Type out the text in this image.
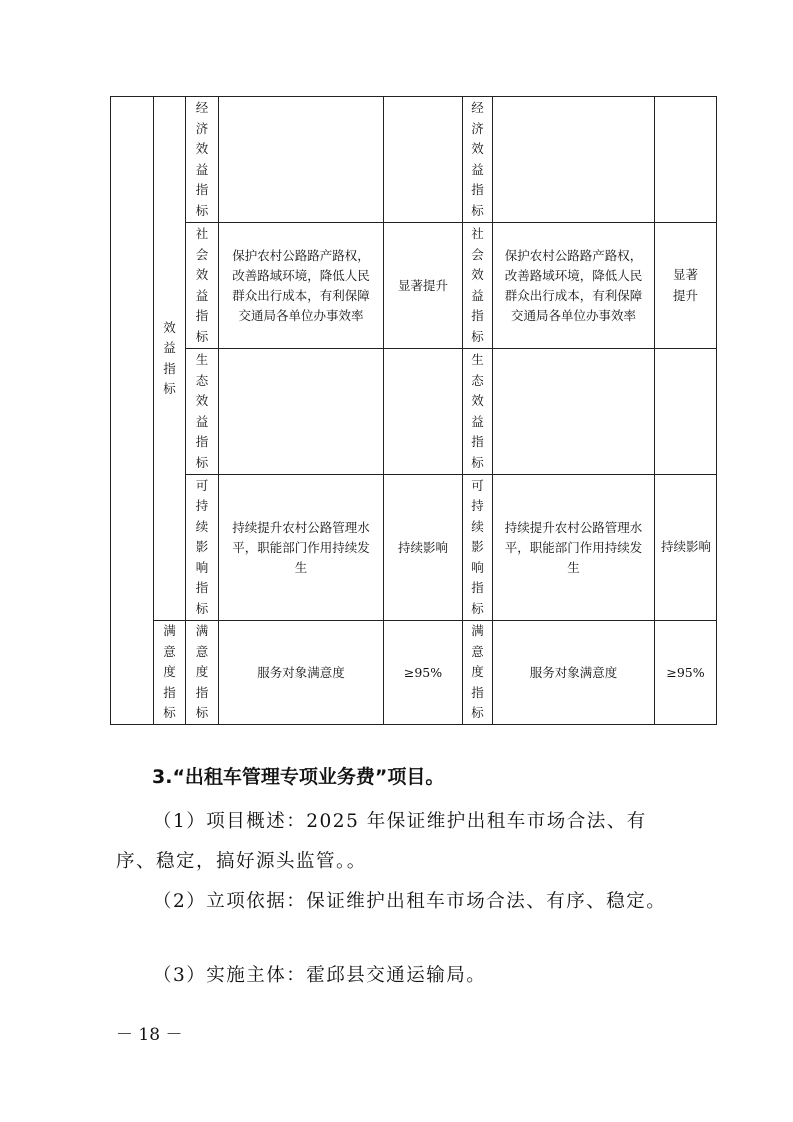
	效益指标	经济效益指标			经济效益指标		
		社会效益指标	保护农村公路路产路权，改善路域环境，降低人民群众出行成本，有利保障交通局各单位办事效率	显著提升	社会效益指标	保护农村公路路产路权，改善路域环境，降低人民群众出行成本，有利保障交通局各单位办事效率	显著提升
		生态效益指标			生态效益指标		
		可持续影响指标	持续提升农村公路管理水平，职能部门作用持续发生	持续影响	可持续影响指标	持续提升农村公路管理水平，职能部门作用持续发生	持续影响
	满意度指标	满意度指标	服务对象满意度	≥95%	满意度指标	服务对象满意度	≥95%
3.“出租车管理专项业务费”项目。
（1）项目概述：2025 年保证维护出租车市场合法、有序、稳定，搞好源头监管。。
（2）立项依据：保证维护出租车市场合法、有序、稳定。
（3）实施主体：霍邱县交通运输局。
－ 18 －
